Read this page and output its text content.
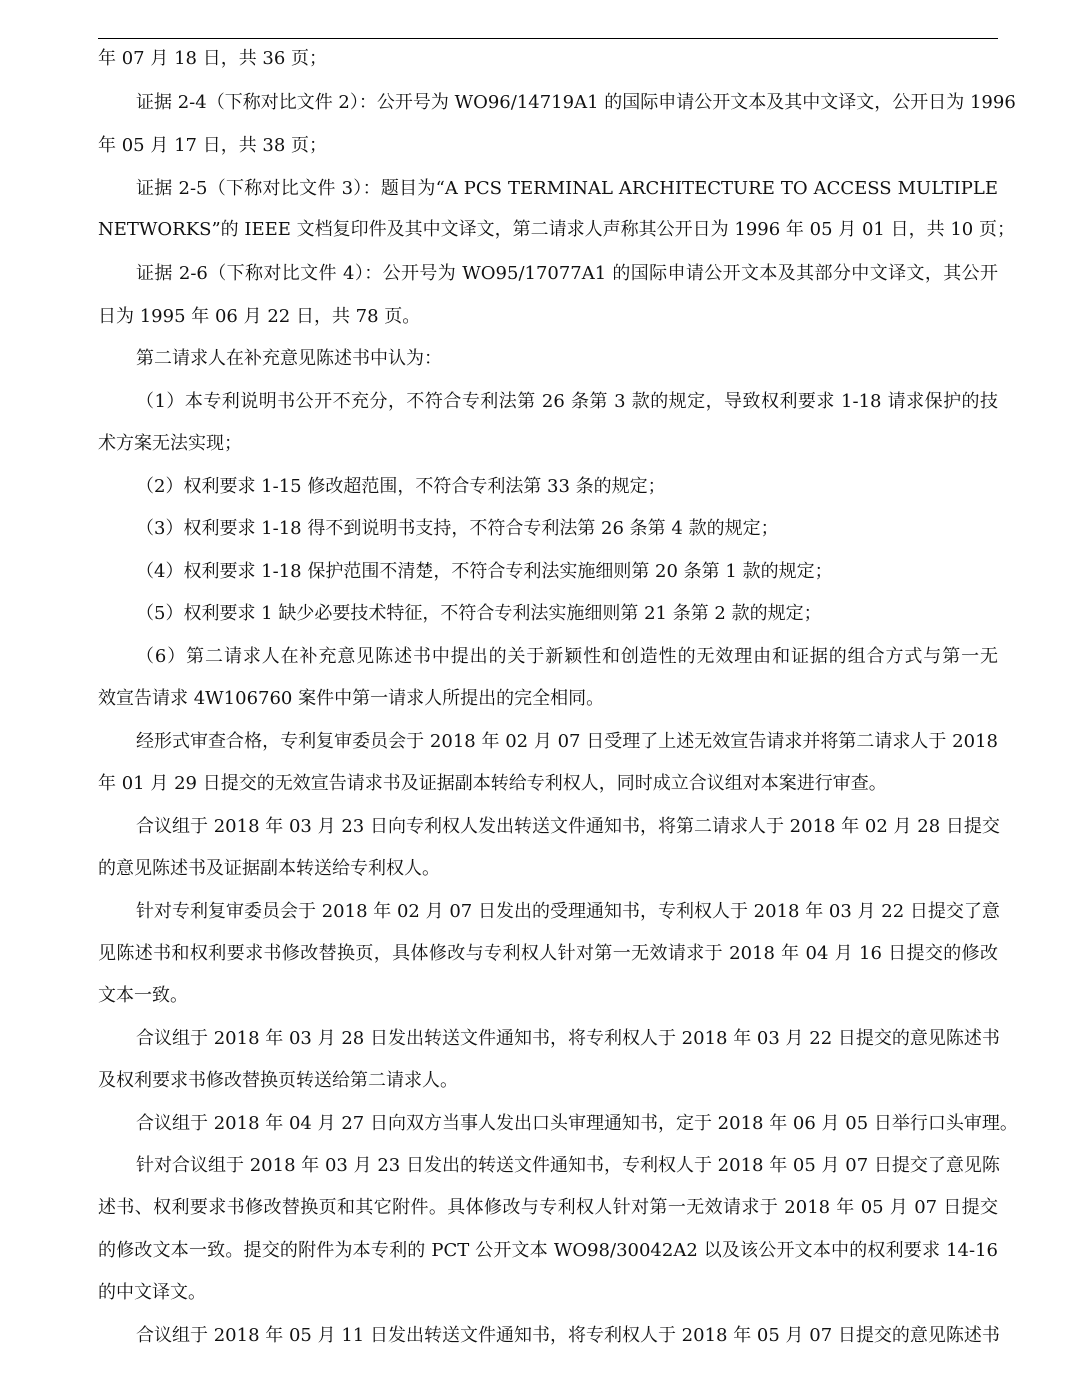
年 07 月 18 日，共 36 页；
证据 2-4（下称对比文件 2）：公开号为 WO96/14719A1 的国际申请公开文本及其中文译文，公开日为 1996
年 05 月 17 日，共 38 页；
证据 2-5（下称对比文件 3）：题目为“A PCS TERMINAL ARCHITECTURE TO ACCESS MULTIPLE
NETWORKS”的 IEEE 文档复印件及其中文译文，第二请求人声称其公开日为 1996 年 05 月 01 日，共 10 页；
证据 2-6（下称对比文件 4）：公开号为 WO95/17077A1 的国际申请公开文本及其部分中文译文，其公开
日为 1995 年 06 月 22 日，共 78 页。
第二请求人在补充意见陈述书中认为：
（1）本专利说明书公开不充分，不符合专利法第 26 条第 3 款的规定，导致权利要求 1-18 请求保护的技
术方案无法实现；
（2）权利要求 1-15 修改超范围，不符合专利法第 33 条的规定；
（3）权利要求 1-18 得不到说明书支持，不符合专利法第 26 条第 4 款的规定；
（4）权利要求 1-18 保护范围不清楚，不符合专利法实施细则第 20 条第 1 款的规定；
（5）权利要求 1 缺少必要技术特征，不符合专利法实施细则第 21 条第 2 款的规定；
（6）第二请求人在补充意见陈述书中提出的关于新颖性和创造性的无效理由和证据的组合方式与第一无
效宣告请求 4W106760 案件中第一请求人所提出的完全相同。
经形式审查合格，专利复审委员会于 2018 年 02 月 07 日受理了上述无效宣告请求并将第二请求人于 2018
年 01 月 29 日提交的无效宣告请求书及证据副本转给专利权人，同时成立合议组对本案进行审查。
合议组于 2018 年 03 月 23 日向专利权人发出转送文件通知书，将第二请求人于 2018 年 02 月 28 日提交
的意见陈述书及证据副本转送给专利权人。
针对专利复审委员会于 2018 年 02 月 07 日发出的受理通知书，专利权人于 2018 年 03 月 22 日提交了意
见陈述书和权利要求书修改替换页，具体修改与专利权人针对第一无效请求于 2018 年 04 月 16 日提交的修改
文本一致。
合议组于 2018 年 03 月 28 日发出转送文件通知书，将专利权人于 2018 年 03 月 22 日提交的意见陈述书
及权利要求书修改替换页转送给第二请求人。
合议组于 2018 年 04 月 27 日向双方当事人发出口头审理通知书，定于 2018 年 06 月 05 日举行口头审理。
针对合议组于 2018 年 03 月 23 日发出的转送文件通知书，专利权人于 2018 年 05 月 07 日提交了意见陈
述书、权利要求书修改替换页和其它附件。具体修改与专利权人针对第一无效请求于 2018 年 05 月 07 日提交
的修改文本一致。提交的附件为本专利的 PCT 公开文本 WO98/30042A2 以及该公开文本中的权利要求 14-16
的中文译文。
合议组于 2018 年 05 月 11 日发出转送文件通知书，将专利权人于 2018 年 05 月 07 日提交的意见陈述书
